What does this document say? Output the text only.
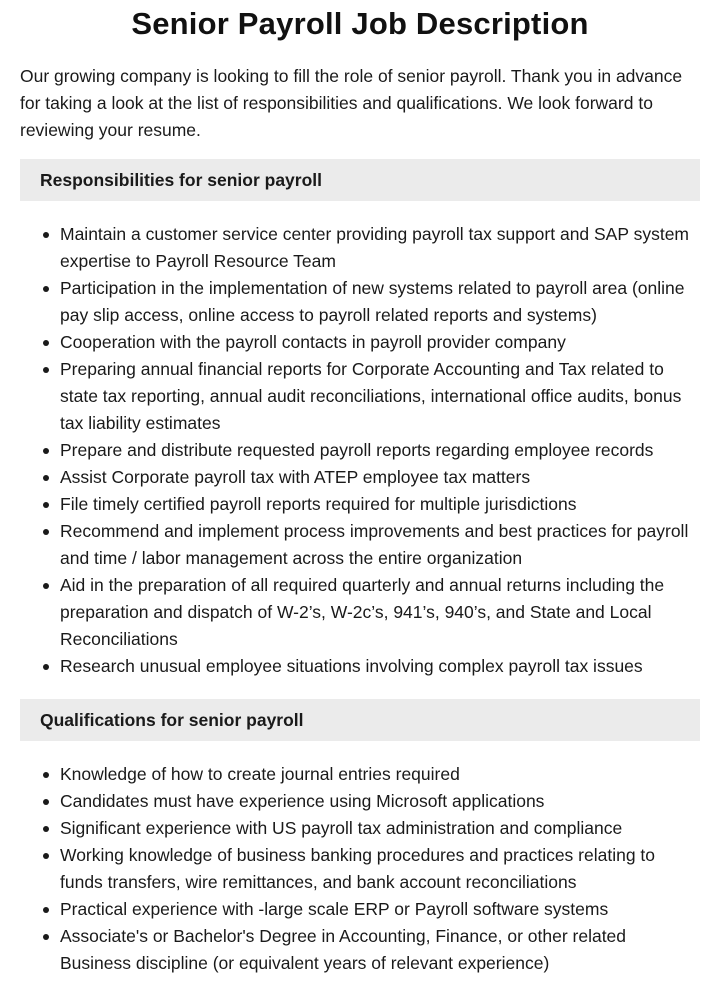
Senior Payroll Job Description

Our growing company is looking to fill the role of senior payroll. Thank you in advance for taking a look at the list of responsibilities and qualifications. We look forward to reviewing your resume.

Responsibilities for senior payroll
Maintain a customer service center providing payroll tax support and SAP system expertise to Payroll Resource Team
Participation in the implementation of new systems related to payroll area (online pay slip access, online access to payroll related reports and systems)
Cooperation with the payroll contacts in payroll provider company
Preparing annual financial reports for Corporate Accounting and Tax related to state tax reporting, annual audit reconciliations, international office audits, bonus tax liability estimates
Prepare and distribute requested payroll reports regarding employee records
Assist Corporate payroll tax with ATEP employee tax matters
File timely certified payroll reports required for multiple jurisdictions
Recommend and implement process improvements and best practices for payroll and time / labor management across the entire organization
Aid in the preparation of all required quarterly and annual returns including the preparation and dispatch of W-2’s, W-2c’s, 941’s, 940’s, and State and Local Reconciliations
Research unusual employee situations involving complex payroll tax issues
Qualifications for senior payroll
Knowledge of how to create journal entries required
Candidates must have experience using Microsoft applications
Significant experience with US payroll tax administration and compliance
Working knowledge of business banking procedures and practices relating to funds transfers, wire remittances, and bank account reconciliations
Practical experience with -large scale ERP or Payroll software systems
Associate's or Bachelor's Degree in Accounting, Finance, or other related Business discipline (or equivalent years of relevant experience)
